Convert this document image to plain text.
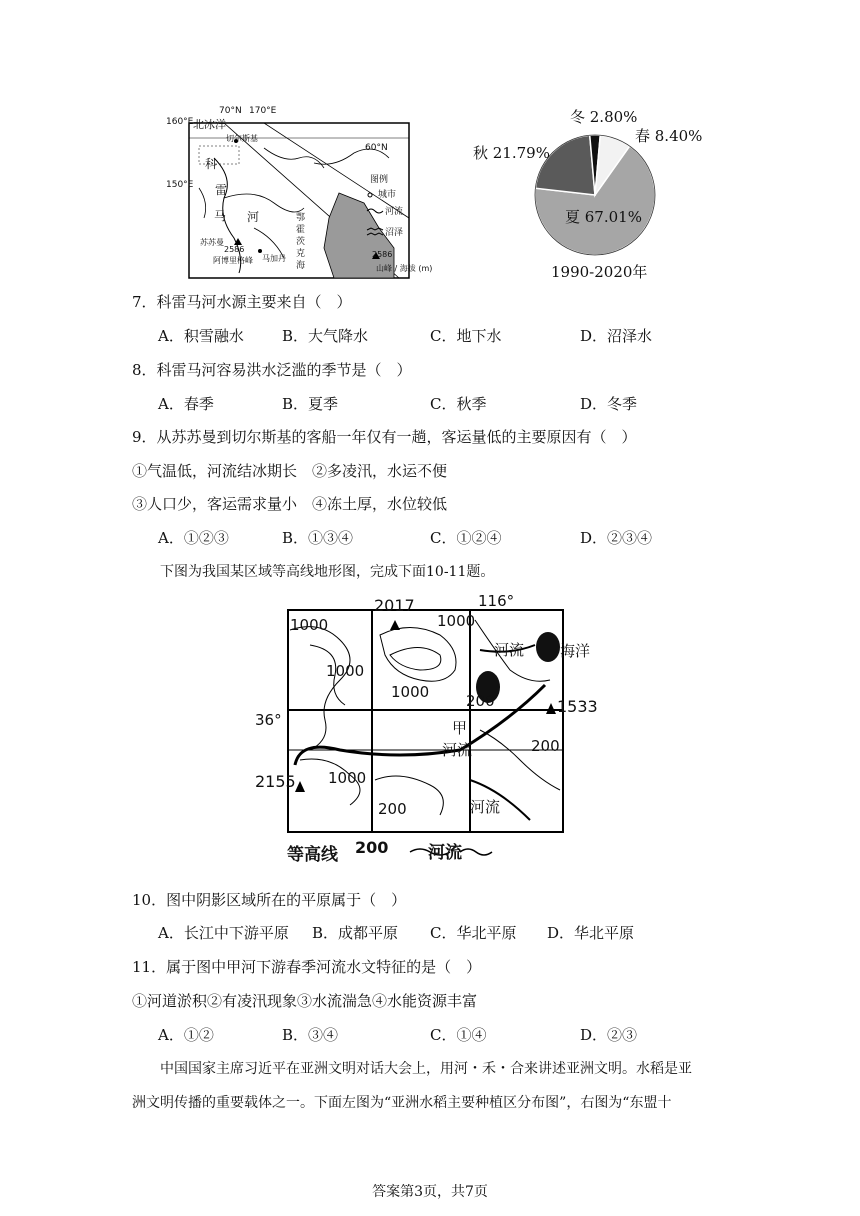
70°N 170°E
160°E
150°E
60°N
北冰洋
切尔斯基
科
雷
马 河
苏苏曼
2586
阿博里格峰 马加丹
鄂
霍
茨
克
海
图例
城市
河流
沼泽
2586
山峰 / 海拔 (m)
冬 2.80%
春 8.40%
秋 21.79%
夏 67.01%
1990-2020年
7．科雷马河水源主要来自（　）
A．积雪融水	B．大气降水	C．地下水	D．沼泽水
8．科雷马河容易洪水泛滥的季节是（　）
A．春季	B．夏季	C．秋季	D．冬季
9．从苏苏曼到切尔斯基的客船一年仅有一趟，客运量低的主要原因有（　）
①气温低，河流结冰期长　②多凌汛，水运不便
③人口少，客运需求量小　④冻土厚，水位较低
A．①②③	B．①③④	C．①②④	D．②③④
下图为我国某区域等高线地形图，完成下面10-11题。
116°
36°
2017
1533
2155
1000	1000
1000
1000
1000
200
200
200
河流
河流
河流
海洋
甲
等高线 200 河流
10．图中阴影区域所在的平原属于（　）
A．长江中下游平原 B．成都平原 C．华北平原 D．华北平原
11．属于图中甲河下游春季河流水文特征的是（　）
①河道淤积②有凌汛现象③水流湍急④水能资源丰富
A．①②	B．③④	C．①④	D．②③
中国国家主席习近平在亚洲文明对话大会上，用河・禾・合来讲述亚洲文明。水稻是亚
洲文明传播的重要载体之一。下面左图为“亚洲水稻主要种植区分布图”，右图为“东盟十
答案第3页，共7页
